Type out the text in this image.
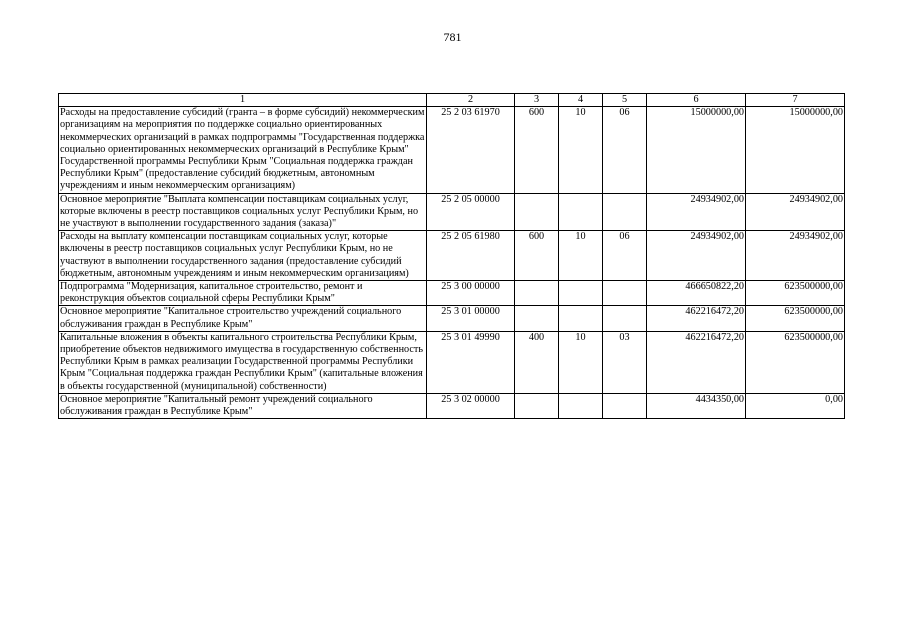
781
1	2	3	4	5	6	7
Расходы на предоставление субсидий (гранта – в форме субсидий) некоммерческим организациям на мероприятия по поддержке социально ориентированных некоммерческих организаций в рамках подпрограммы "Государственная поддержка социально ориентированных некоммерческих организаций в Республике Крым" Государственной программы Республики Крым "Социальная поддержка граждан Республики Крым" (предоставление субсидий бюджетным, автономным учреждениям и иным некоммерческим организациям)	25 2 03 61970	600	10	06	15000000,00	15000000,00
Основное мероприятие "Выплата компенсации поставщикам социальных услуг, которые включены в реестр поставщиков социальных услуг Республики Крым, но не участвуют в выполнении государственного задания (заказа)"	25 2 05 00000				24934902,00	24934902,00
Расходы на выплату компенсации поставщикам социальных услуг, которые включены в реестр поставщиков социальных услуг Республики Крым, но не участвуют в выполнении государственного задания (предоставление субсидий бюджетным, автономным учреждениям и иным некоммерческим организациям)	25 2 05 61980	600	10	06	24934902,00	24934902,00
Подпрограмма "Модернизация, капитальное строительство, ремонт и реконструкция объектов социальной сферы Республики Крым"	25 3 00 00000				466650822,20	623500000,00
Основное мероприятие "Капитальное строительство учреждений социального обслуживания граждан в Республике Крым"	25 3 01 00000				462216472,20	623500000,00
Капитальные вложения в объекты капитального строительства Республики Крым, приобретение объектов недвижимого имущества в государственную собственность Республики Крым в рамках реализации Государственной программы Республики Крым "Социальная поддержка граждан Республики Крым" (капитальные вложения в объекты государственной (муниципальной) собственности)	25 3 01 49990	400	10	03	462216472,20	623500000,00
Основное мероприятие "Капитальный ремонт учреждений социального обслуживания граждан в Республике Крым"	25 3 02 00000				4434350,00	0,00
